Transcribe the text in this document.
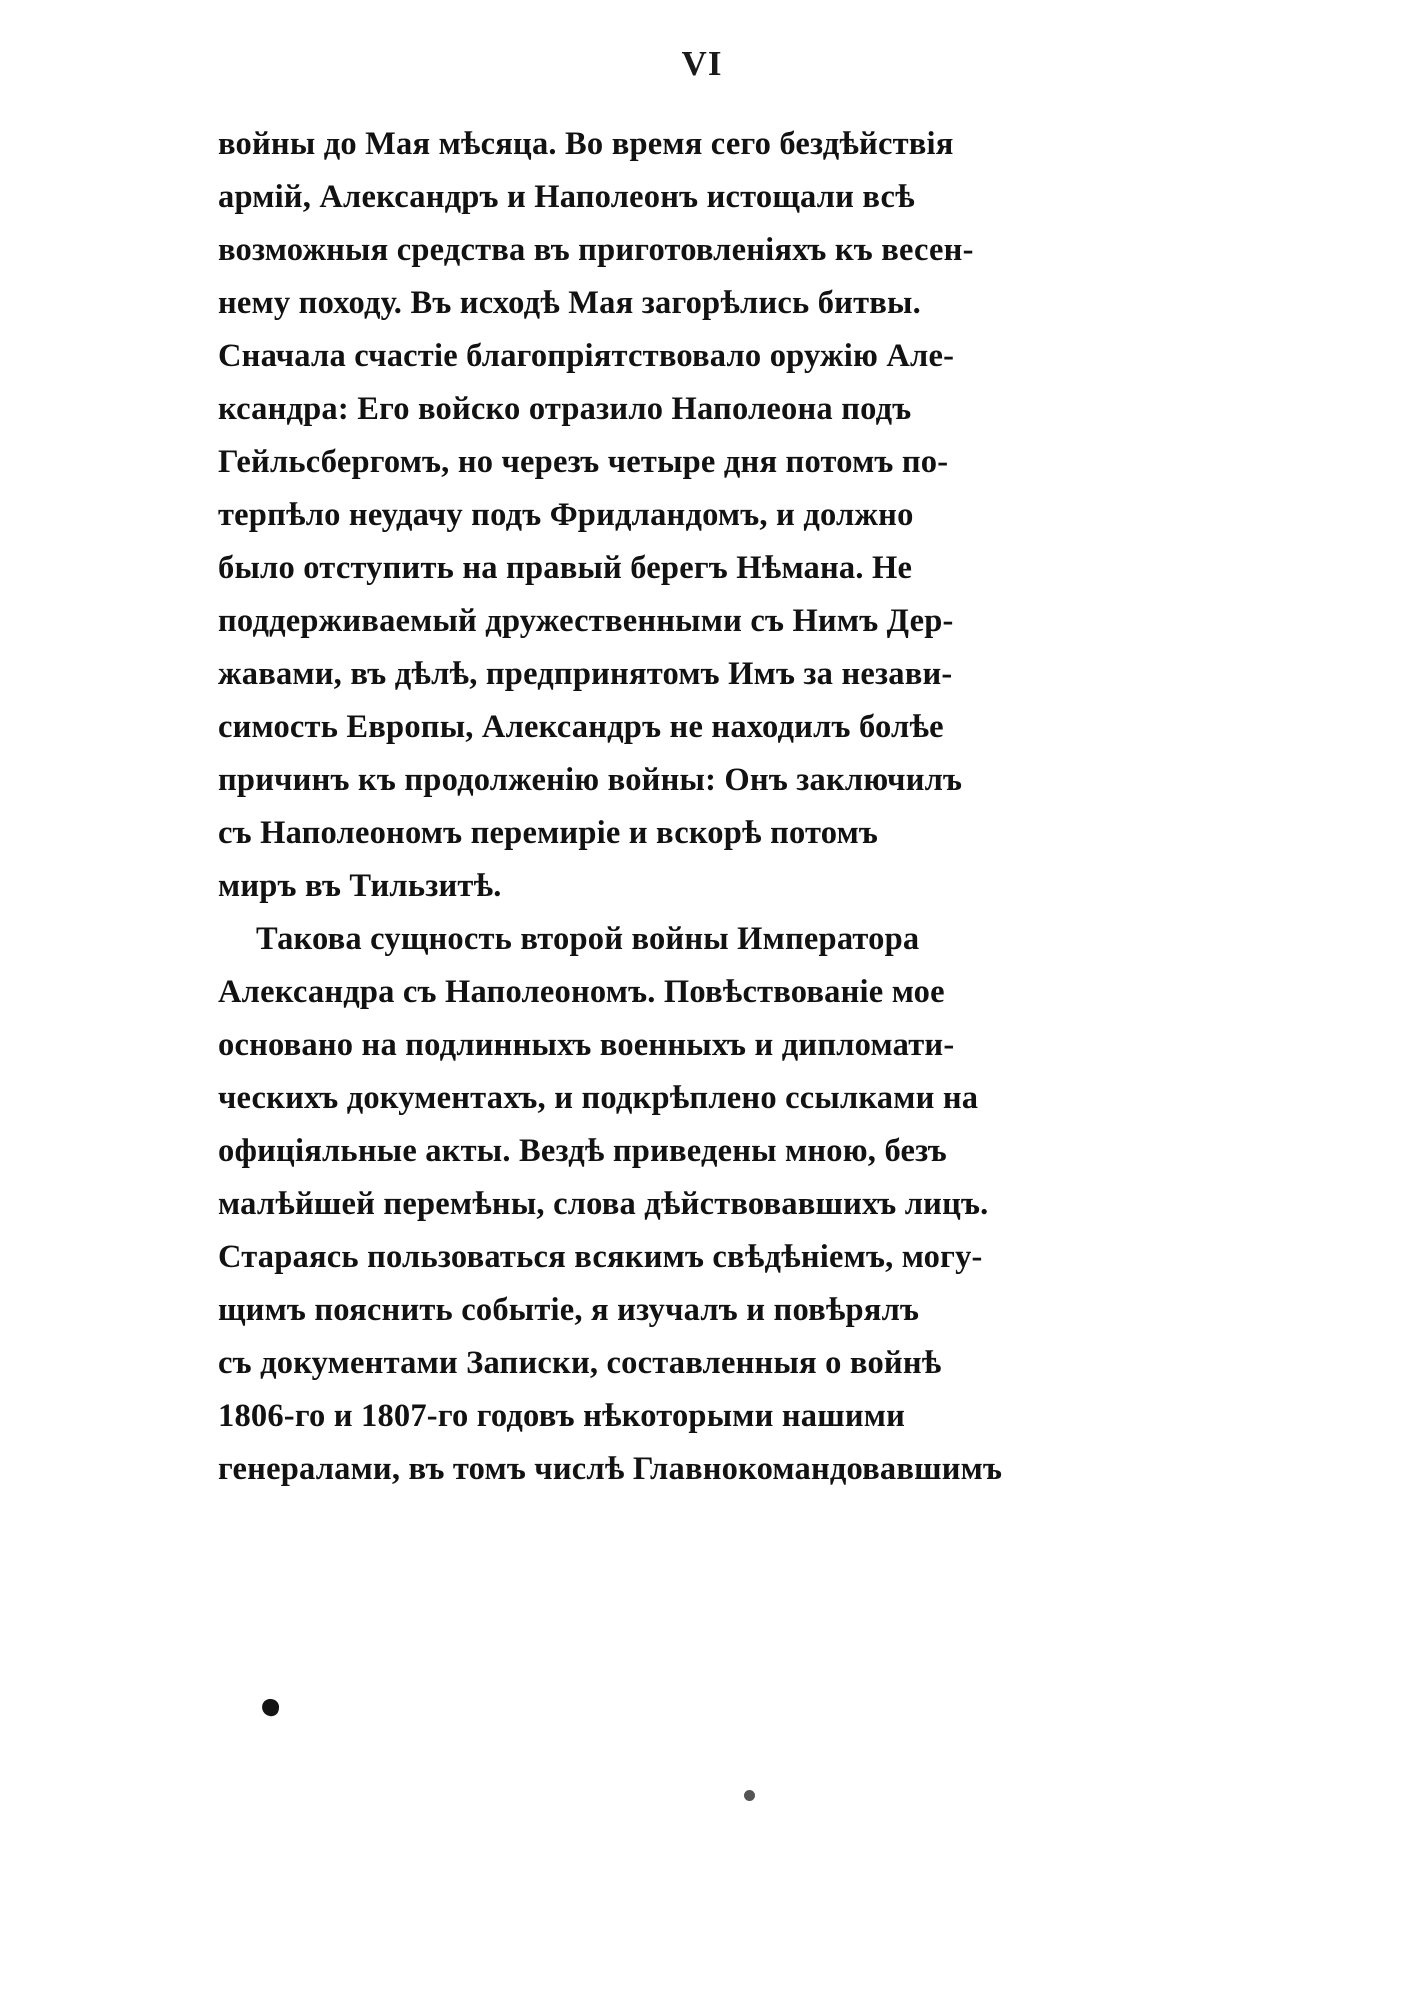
VI
войны до Мая мѣсяца. Во время сего бездѣйствія
армій, Александръ и Наполеонъ истощали всѣ
возможныя средства въ приготовленіяхъ къ весен-
нему походу. Въ исходѣ Мая загорѣлись битвы.
Сначала счастіе благопріятствовало оружію Але-
ксандра: Его войско отразило Наполеона подъ
Гейльсбергомъ, но черезъ четыре дня потомъ по-
терпѣло неудачу подъ Фридландомъ, и должно
было отступить на правый берегъ Нѣмана. Не
поддерживаемый дружественными съ Нимъ Дер-
жавами, въ дѣлѣ, предпринятомъ Имъ за незави-
симость Европы, Александръ не находилъ болѣе
причинъ къ продолженію войны: Онъ заключилъ
съ Наполеономъ перемиріе и вскорѣ потомъ
миръ въ Тильзитѣ.
Такова сущность второй войны Императора
Александра съ Наполеономъ. Повѣствованіе мое
основано на подлинныхъ военныхъ и дипломати-
ческихъ документахъ, и подкрѣплено ссылками на
офиціяльные акты. Вездѣ приведены мною, безъ
малѣйшей перемѣны, слова дѣйствовавшихъ лицъ.
Стараясь пользоваться всякимъ свѣдѣніемъ, могу-
щимъ пояснить событіе, я изучалъ и повѣрялъ
съ документами Записки, составленныя о войнѣ
1806-го и 1807-го годовъ нѣкоторыми нашими
генералами, въ томъ числѣ Главнокомандовавшимъ
